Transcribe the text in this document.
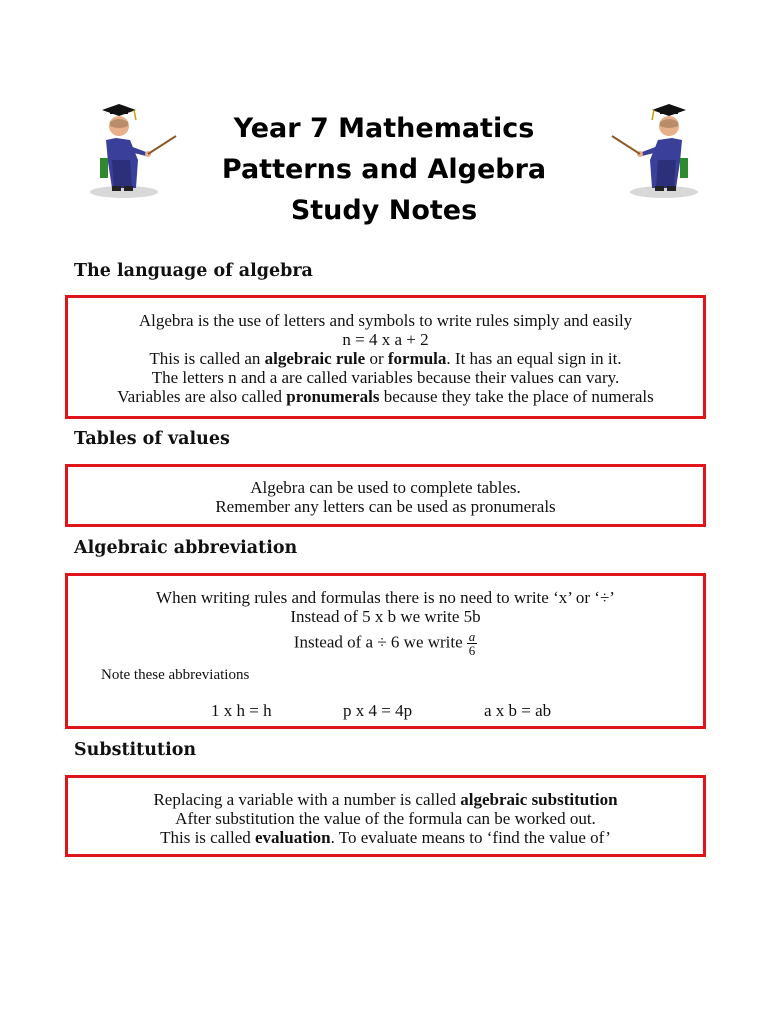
Year 7 Mathematics
Patterns and Algebra
Study Notes
The language of algebra
Algebra is the use of letters and symbols to write rules simply and easily
n = 4 x a + 2
This is called an algebraic rule or formula. It has an equal sign in it.
The letters n and a are called variables because their values can vary.
Variables are also called pronumerals because they take the place of numerals
Tables of values
Algebra can be used to complete tables.
Remember any letters can be used as pronumerals
Algebraic abbreviation
When writing rules and formulas there is no need to write ‘x’ or ‘÷’
Instead of 5 x b we write 5b
Instead of a ÷ 6 we write $\frac{a}{6}$
Note these abbreviations
1 x h = h	p x 4 = 4p	a x b = ab
Substitution
Replacing a variable with a number is called algebraic substitution
After substitution the value of the formula can be worked out.
This is called evaluation. To evaluate means to ‘find the value of’
